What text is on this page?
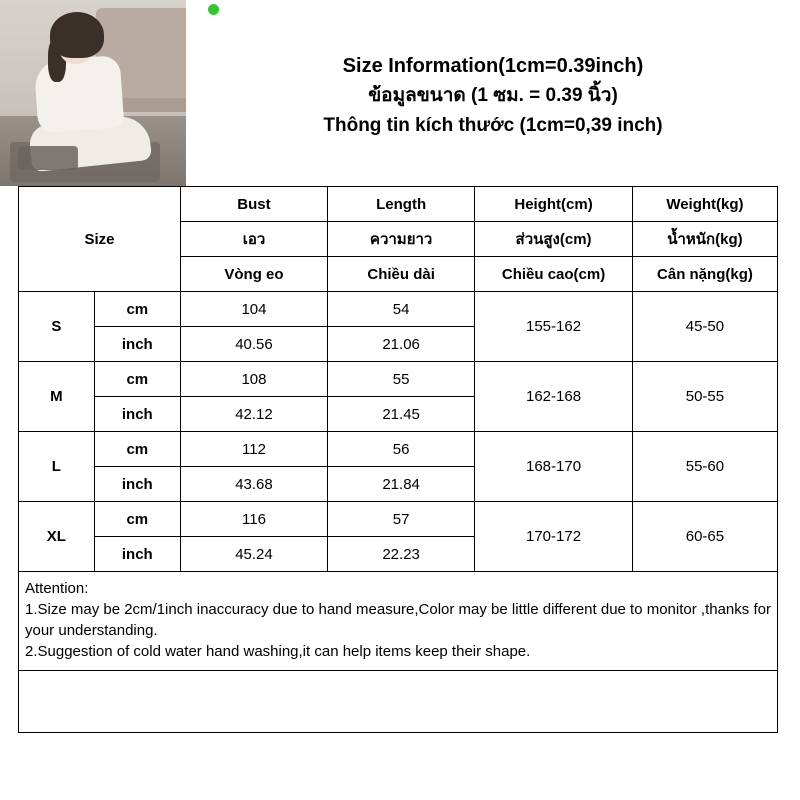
Size Information(1cm=0.39inch)
ข้อมูลขนาด (1 ซม. = 0.39 นิ้ว)
Thông tin kích thước (1cm=0,39 inch)
Size		Bust	Length	Height(cm)	Weight(kg)
		เอว	ความยาว	ส่วนสูง(cm)	น้ำหนัก(kg)
		Vòng eo	Chiều dài	Chiều cao(cm)	Cân nặng(kg)
S	cm	104	54	155-162	45-50
	inch	40.56	21.06		
M	cm	108	55	162-168	50-55
	inch	42.12	21.45		
L	cm	112	56	168-170	55-60
	inch	43.68	21.84		
XL	cm	116	57	170-172	60-65
	inch	45.24	22.23		

Attention:

1.Size may be 2cm/1inch inaccuracy due to hand measure,Color may be little different due to monitor ,thanks for your understanding.

2.Suggestion of cold water hand washing,it can help items keep their shape.
